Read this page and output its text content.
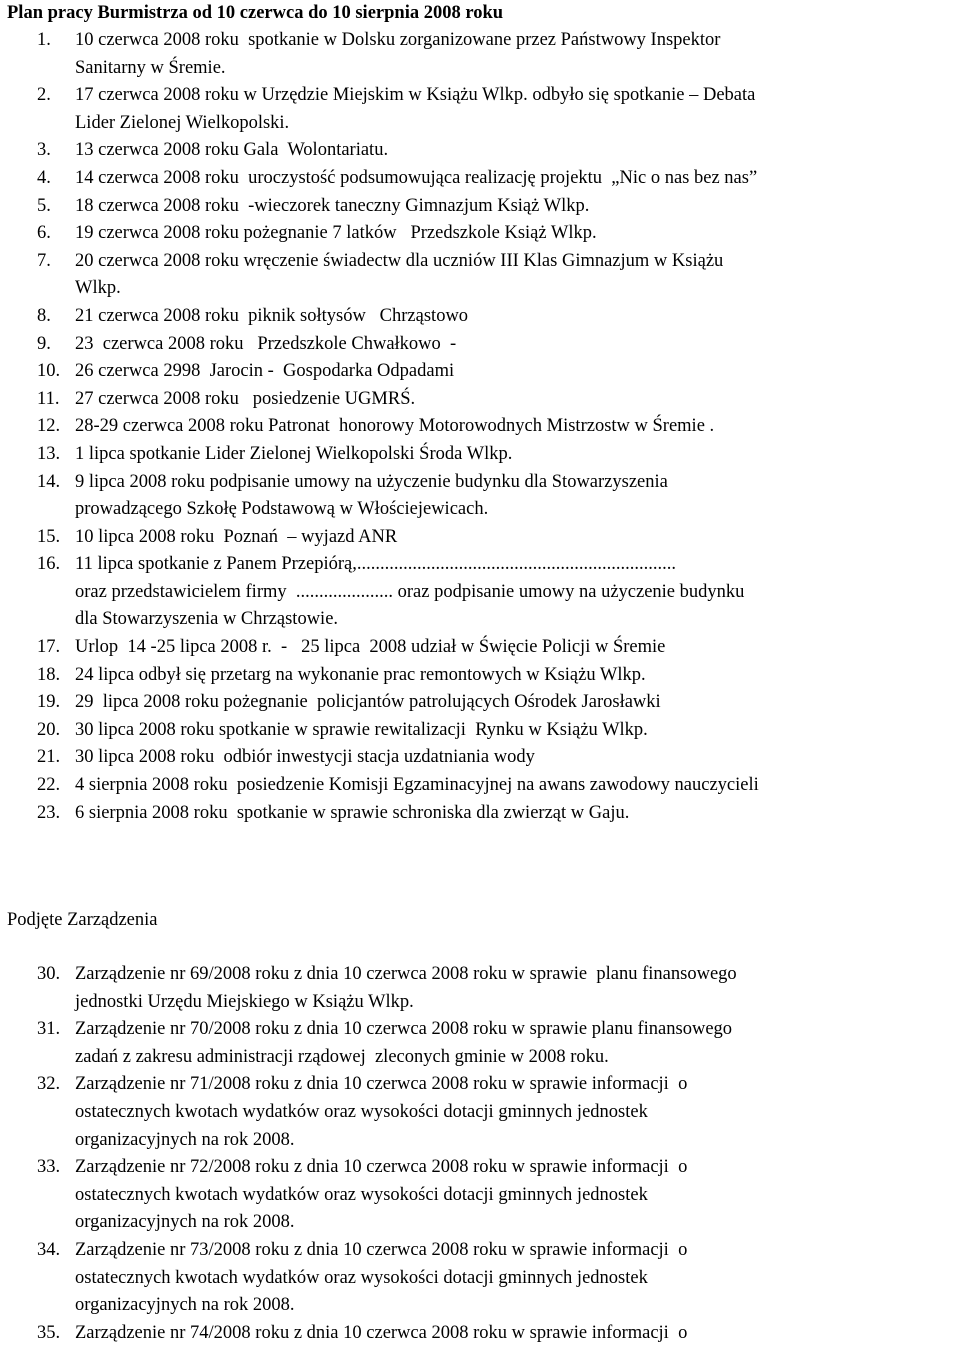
Plan pracy Burmistrza od 10 czerwca do 10 sierpnia 2008 roku
1.	10 czerwca 2008 roku  spotkanie w Dolsku zorganizowane przez Państwowy Inspektor
Sanitarny w Śremie.
2.	17 czerwca 2008 roku w Urzędzie Miejskim w Książu Wlkp. odbyło się spotkanie – Debata
Lider Zielonej Wielkopolski.
3.	13 czerwca 2008 roku Gala  Wolontariatu.
4.	14 czerwca 2008 roku  uroczystość podsumowująca realizację projektu  „Nic o nas bez nas”
5.	18 czerwca 2008 roku  -wieczorek taneczny Gimnazjum Książ Wlkp.
6.	19 czerwca 2008 roku pożegnanie 7 latków   Przedszkole Książ Wlkp.
7.	20 czerwca 2008 roku wręczenie świadectw dla uczniów III Klas Gimnazjum w Książu
Wlkp.
8.	21 czerwca 2008 roku  piknik sołtysów   Chrząstowo
9.	23  czerwca 2008 roku   Przedszkole Chwałkowo  -
10. 26 czerwca 2998  Jarocin -  Gospodarka Odpadami
11. 27 czerwca 2008 roku   posiedzenie UGMRŚ.
12. 28-29 czerwca 2008 roku Patronat  honorowy Motorowodnych Mistrzostw w Śremie .
13. 1 lipca spotkanie Lider Zielonej Wielkopolski Środa Wlkp.
14. 9 lipca 2008 roku podpisanie umowy na użyczenie budynku dla Stowarzyszenia
prowadzącego Szkołę Podstawową w Włościejewicach.
15. 10 lipca 2008 roku  Poznań  – wyjazd ANR
16. 11 lipca spotkanie z Panem Przepiórą,.....................................................................
oraz przedstawicielem firmy  ..................... oraz podpisanie umowy na użyczenie budynku
dla Stowarzyszenia w Chrząstowie.
17. Urlop  14 -25 lipca 2008 r.  -   25 lipca  2008 udział w Święcie Policji w Śremie
18. 24 lipca odbył się przetarg na wykonanie prac remontowych w Książu Wlkp.
19. 29  lipca 2008 roku pożegnanie  policjantów patrolujących Ośrodek Jarosławki
20. 30 lipca 2008 roku spotkanie w sprawie rewitalizacji  Rynku w Książu Wlkp.
21. 30 lipca 2008 roku  odbiór inwestycji stacja uzdatniania wody
22. 4 sierpnia 2008 roku  posiedzenie Komisji Egzaminacyjnej na awans zawodowy nauczycieli
23. 6 sierpnia 2008 roku  spotkanie w sprawie schroniska dla zwierząt w Gaju.
Podjęte Zarządzenia
30. Zarządzenie nr 69/2008 roku z dnia 10 czerwca 2008 roku w sprawie  planu finansowego
jednostki Urzędu Miejskiego w Książu Wlkp.
31. Zarządzenie nr 70/2008 roku z dnia 10 czerwca 2008 roku w sprawie planu finansowego
zadań z zakresu administracji rządowej  zleconych gminie w 2008 roku.
32. Zarządzenie nr 71/2008 roku z dnia 10 czerwca 2008 roku w sprawie informacji  o
ostatecznych kwotach wydatków oraz wysokości dotacji gminnych jednostek
organizacyjnych na rok 2008.
33. Zarządzenie nr 72/2008 roku z dnia 10 czerwca 2008 roku w sprawie informacji  o
ostatecznych kwotach wydatków oraz wysokości dotacji gminnych jednostek
organizacyjnych na rok 2008.
34. Zarządzenie nr 73/2008 roku z dnia 10 czerwca 2008 roku w sprawie informacji  o
ostatecznych kwotach wydatków oraz wysokości dotacji gminnych jednostek
organizacyjnych na rok 2008.
35. Zarządzenie nr 74/2008 roku z dnia 10 czerwca 2008 roku w sprawie informacji  o
